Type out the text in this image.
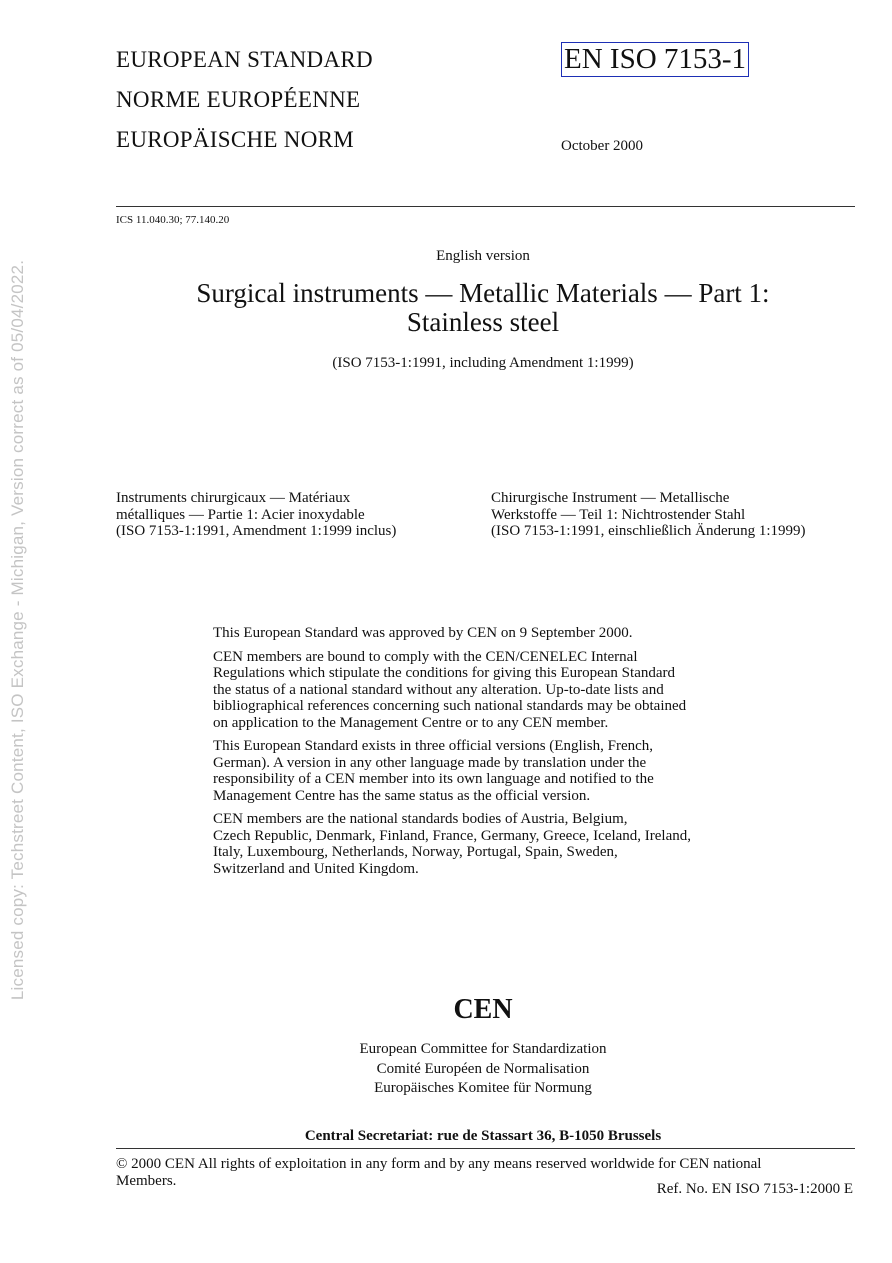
EUROPEAN STANDARD
NORME EUROPÉENNE
EUROPÄISCHE NORM
EN ISO 7153-1
October 2000
ICS 11.040.30; 77.140.20
English version
Surgical instruments — Metallic Materials — Part 1:
Stainless steel
(ISO 7153-1:1991, including Amendment 1:1999)
Instruments chirurgicaux — Matériaux
métalliques — Partie 1: Acier inoxydable
(ISO 7153-1:1991, Amendment 1:1999 inclus)
Chirurgische Instrument — Metallische
Werkstoffe — Teil 1: Nichtrostender Stahl
(ISO 7153-1:1991, einschließlich Änderung 1:1999)

This European Standard was approved by CEN on 9 September 2000.

CEN members are bound to comply with the CEN/CENELEC Internal
Regulations which stipulate the conditions for giving this European Standard
the status of a national standard without any alteration. Up-to-date lists and
bibliographical references concerning such national standards may be obtained
on application to the Management Centre or to any CEN member.

This European Standard exists in three official versions (English, French,
German). A version in any other language made by translation under the
responsibility of a CEN member into its own language and notified to the
Management Centre has the same status as the official version.

CEN members are the national standards bodies of Austria, Belgium,
Czech Republic, Denmark, Finland, France, Germany, Greece, Iceland, Ireland,
Italy, Luxembourg, Netherlands, Norway, Portugal, Spain, Sweden,
Switzerland and United Kingdom.

CEN
European Committee for Standardization
Comité Européen de Normalisation
Europäisches Komitee für Normung
Central Secretariat: rue de Stassart 36, B-1050 Brussels
© 2000 CEN All rights of exploitation in any form and by any means reserved worldwide for CEN national
Members.
Ref. No. EN ISO 7153-1:2000 E
Licensed copy: Techstreet Content, ISO Exchange - Michigan, Version correct as of 05/04/2022.
